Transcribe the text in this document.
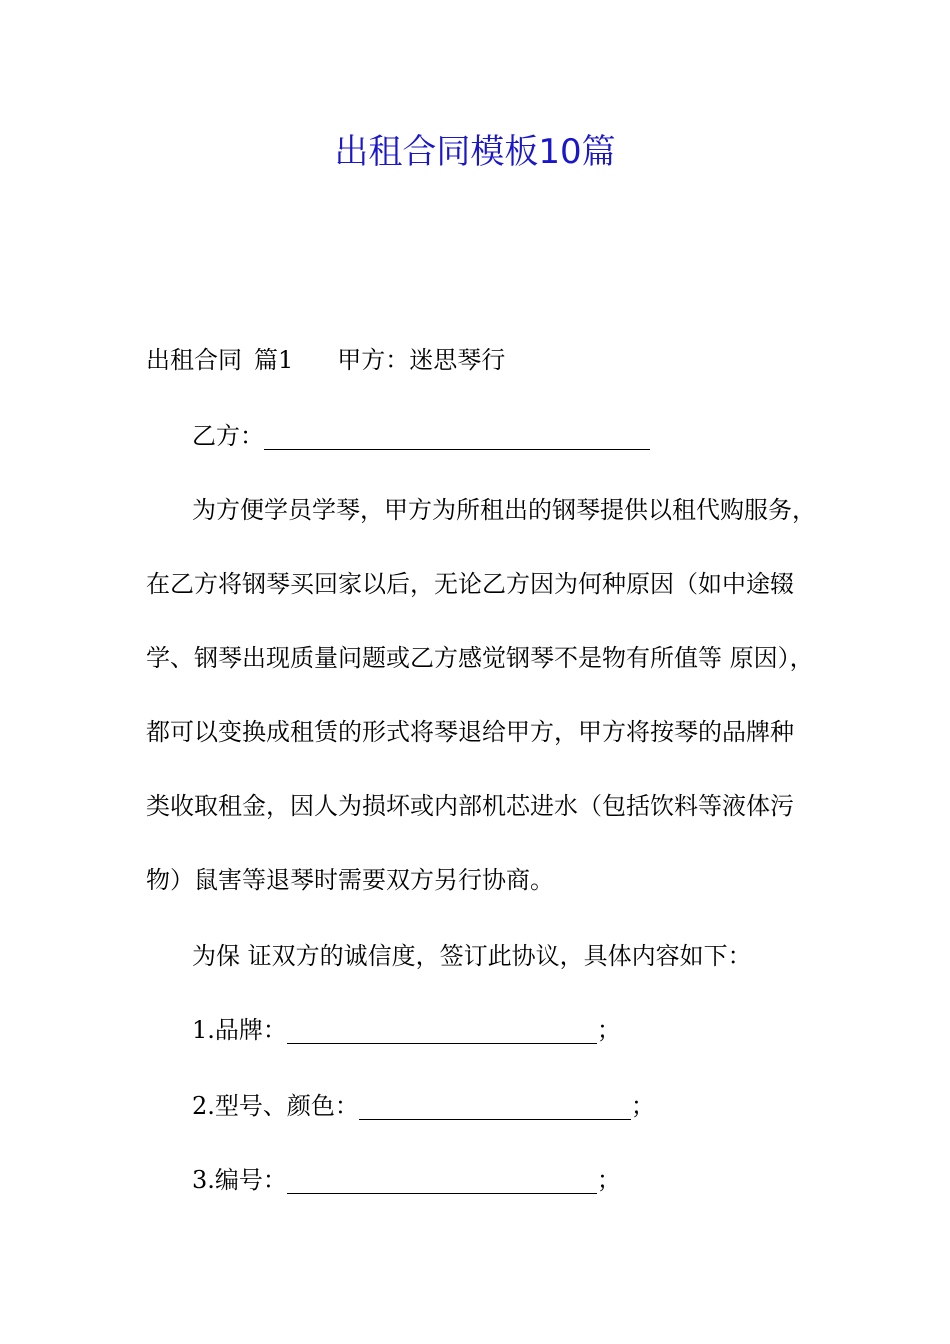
出租合同模板10篇
出租合同 篇1 甲方：迷思琴行
乙方：
为方便学员学琴，甲方为所租出的钢琴提供以租代购服务，
在乙方将钢琴买回家以后，无论乙方因为何种原因（如中途辍
学、钢琴出现质量问题或乙方感觉钢琴不是物有所值等 原因），
都可以变换成租赁的形式将琴退给甲方，甲方将按琴的品牌种
类收取租金，因人为损坏或内部机芯进水（包括饮料等液体污
物）鼠害等退琴时需要双方另行协商。
为保 证双方的诚信度，签订此协议，具体内容如下：
1.品牌：	；
2.型号、颜色：	；
3.编号：	；
